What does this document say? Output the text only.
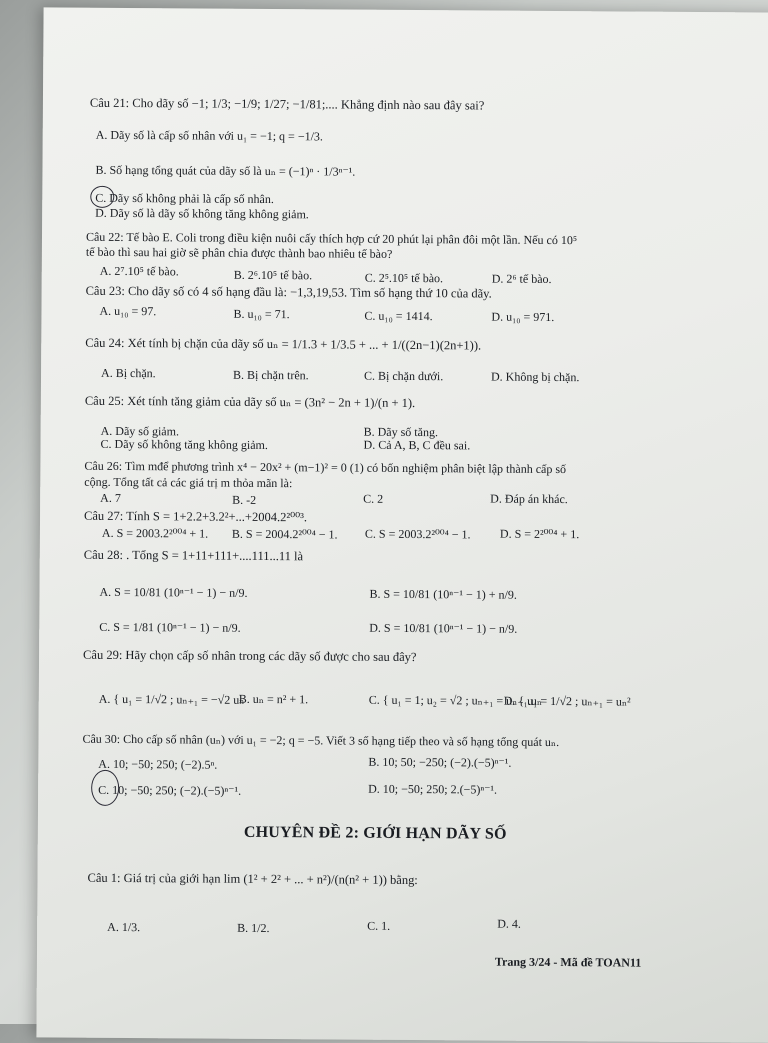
Câu 21: Cho dãy số −1; 1/3; −1/9; 1/27; −1/81;.... Khẳng định nào sau đây sai?
A. Dãy số là cấp số nhân với u₁ = −1; q = −1/3.
B. Số hạng tổng quát của dãy số là uₙ = (−1)ⁿ · 1/3ⁿ⁻¹.
C. Dãy số không phải là cấp số nhân.
D. Dãy số là dãy số không tăng không giảm.
Câu 22: Tế bào E. Coli trong điều kiện nuôi cấy thích hợp cứ 20 phút lại phân đôi một lần. Nếu có 10⁵
tế bào thì sau hai giờ sẽ phân chia được thành bao nhiêu tế bào?
A. 2⁷.10⁵ tế bào.	B. 2⁶.10⁵ tế bào.	C. 2⁵.10⁵ tế bào.	D. 2⁶ tế bào.
Câu 23: Cho dãy số có 4 số hạng đầu là: −1,3,19,53. Tìm số hạng thứ 10 của dãy.
A. u₁₀ = 97.	B. u₁₀ = 71.	C. u₁₀ = 1414.	D. u₁₀ = 971.
Câu 24: Xét tính bị chặn của dãy số uₙ = 1/1.3 + 1/3.5 + ... + 1/((2n−1)(2n+1)).
A. Bị chặn.	B. Bị chặn trên.	C. Bị chặn dưới.	D. Không bị chặn.
Câu 25: Xét tính tăng giảm của dãy số uₙ = (3n² − 2n + 1)/(n + 1).
A. Dãy số giảm.	B. Dãy số tăng.
C. Dãy số không tăng không giảm.	D. Cả A, B, C đều sai.
Câu 26: Tìm mđể phương trình x⁴ − 20x² + (m−1)² = 0 (1) có bốn nghiệm phân biệt lập thành cấp số
cộng. Tổng tất cả các giá trị m thỏa mãn là:
A. 7	B. -2	C. 2	D. Đáp án khác.
Câu 27: Tính S = 1+2.2+3.2²+...+2004.2²⁰⁰³.
A. S = 2003.2²⁰⁰⁴ + 1. B. S = 2004.2²⁰⁰⁴ − 1. C. S = 2003.2²⁰⁰⁴ − 1. D. S = 2²⁰⁰⁴ + 1.
Câu 28: . Tổng S = 1+11+111+....111...11 là
A. S = 10/81 (10ⁿ⁻¹ − 1) − n/9.	B. S = 10/81 (10ⁿ⁻¹ − 1) + n/9.
C. S = 1/81 (10ⁿ⁻¹ − 1) − n/9.	D. S = 10/81 (10ⁿ⁻¹ − 1) − n/9.
Câu 29: Hãy chọn cấp số nhân trong các dãy số được cho sau đây?
A. { u₁ = 1/√2 ; uₙ₊₁ = −√2 uₙ
B. uₙ = n² + 1.	C. { u₁ = 1; u₂ = √2 ; uₙ₊₁ = uₙ₋₁.uₙ
D. { u₁ = 1/√2 ; uₙ₊₁ = uₙ²
Câu 30: Cho cấp số nhân (uₙ) với u₁ = −2; q = −5. Viết 3 số hạng tiếp theo và số hạng tổng quát uₙ.
A. 10; −50; 250; (−2).5ⁿ.	B. 10; 50; −250; (−2).(−5)ⁿ⁻¹.
C. 10; −50; 250; (−2).(−5)ⁿ⁻¹.	D. 10; −50; 250; 2.(−5)ⁿ⁻¹.
CHUYÊN ĐỀ 2: GIỚI HẠN DÃY SỐ
Câu 1: Giá trị của giới hạn lim (1² + 2² + ... + n²)/(n(n² + 1)) bằng:
A. 1/3.	B. 1/2.	C. 1.	D. 4.
Trang 3/24 - Mã đề TOAN11
